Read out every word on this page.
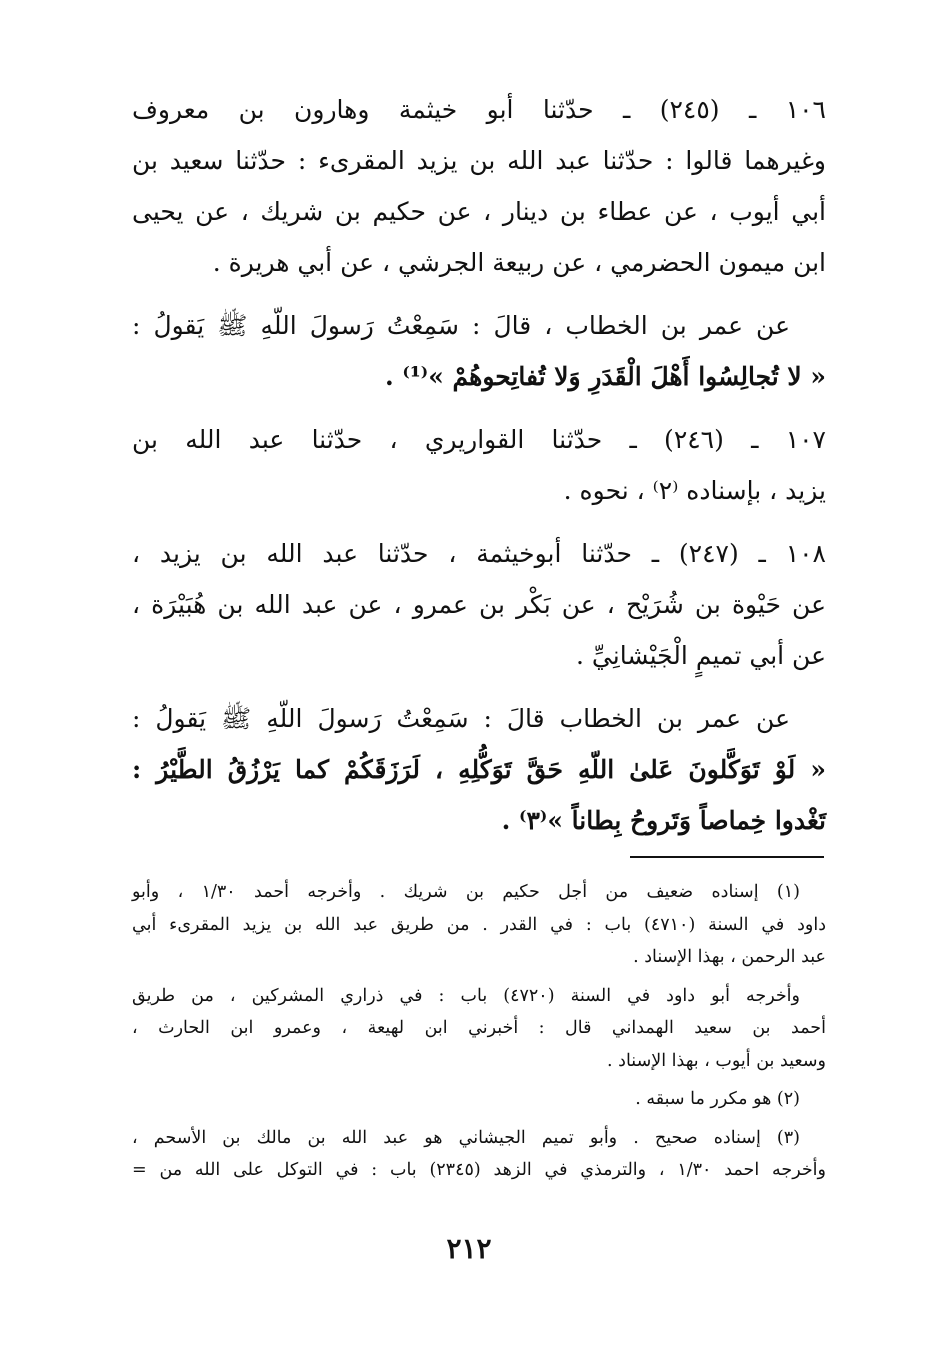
١٠٦ ـ (٢٤٥) ـ حدّثنا أبو خيثمة وهارون بن معروف
وغيرهما قالوا : حدّثنا عبد الله بن يزيد المقرىء : حدّثنا سعيد بن
أبي أيوب ، عن عطاء بن دينار ، عن حكيم بن شريك ، عن يحيى
ابن ميمون الحضرمي ، عن ربيعة الجرشي ، عن أبي هريرة .
عن عمر بن الخطاب ، قالَ : سَمِعْتُ رَسولَ اللّهِ ﷺ يَقولُ :
« لا تُجالِسُوا أَهْلَ الْقَدَرِ وَلا تُفاتِحوهُمْ »⁽¹⁾ .
١٠٧ ـ (٢٤٦) ـ حدّثنا القواريري ، حدّثنا عبد الله بن
يزيد ، بإسناده ⁽٢⁾ ، نحوه .
١٠٨ ـ (٢٤٧) ـ حدّثنا أبوخيثمة ، حدّثنا عبد الله بن يزيد ،
عن حَيْوة بن شُرَيْح ، عن بَكْر بن عمرو ، عن عبد الله بن هُبَيْرَة ،
عن أبي تميمٍ الْجَيْشانِيِّ .
عن عمر بن الخطاب قالَ : سَمِعْتُ رَسولَ اللّهِ ﷺ يَقولُ :
« لَوْ تَوَكَّلونَ عَلىٰ اللّهِ حَقَّ تَوَكُّلِهِ ، لَرَزَقَكُمْ كما يَرْزُقُ الطَّيْرُ :
تَغْدوا خِماصاً وَتَروحُ بِطاناً »⁽٣⁾ .
(١) إسناده ضعيف من أجل حكيم بن شريك . وأخرجه أحمد ١/٣٠ ، وأبو
داود في السنة (٤٧١٠) باب : في القدر . من طريق عبد الله بن يزيد المقرىء أبي
عبد الرحمن ، بهذا الإسناد .
وأخرجه أبو داود في السنة (٤٧٢٠) باب : في ذراري المشركين ، من طريق
أحمد بن سعيد الهمداني قال : أخبرني ابن لهيعة ، وعمرو ابن الحارث ،
وسعيد بن أيوب ، بهذا الإسناد .
(٢) هو مكرر ما سبقه .
(٣) إسناده صحيح . وأبو تميم الجيشاني هو عبد الله بن مالك بن الأسحم ،
وأخرجه احمد ١/٣٠ ، والترمذي في الزهد (٢٣٤٥) باب : في التوكل على الله من =
٢١٢
